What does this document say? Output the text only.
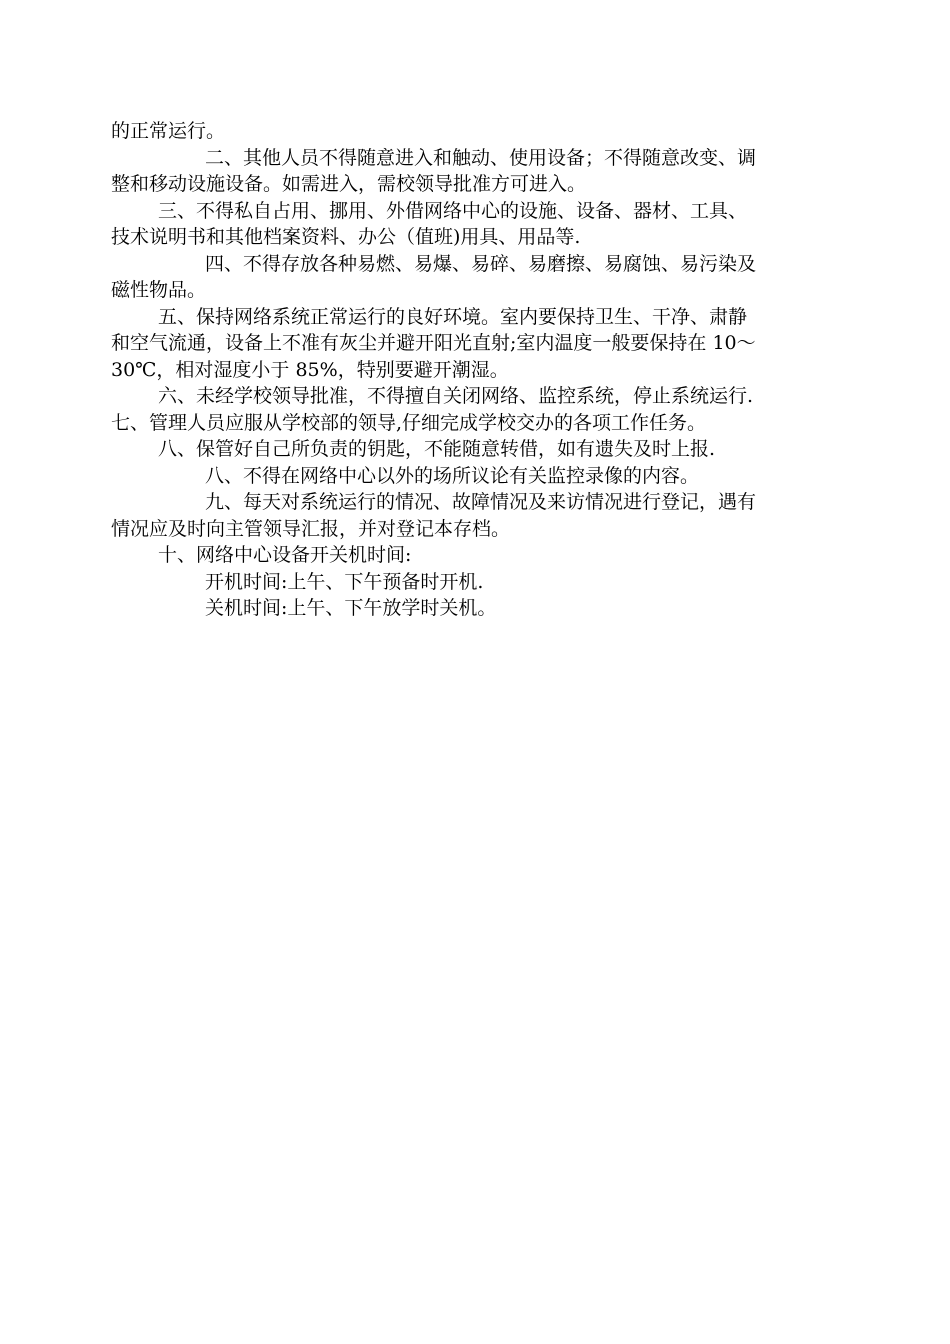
的正常运行。
二、其他人员不得随意进入和触动、使用设备；不得随意改变、调
整和移动设施设备。如需进入，需校领导批准方可进入。
三、不得私自占用、挪用、外借网络中心的设施、设备、器材、工具、
技术说明书和其他档案资料、办公（值班)用具、用品等.
四、不得存放各种易燃、易爆、易碎、易磨擦、易腐蚀、易污染及
磁性物品。
五、保持网络系统正常运行的良好环境。室内要保持卫生、干净、肃静
和空气流通，设备上不准有灰尘并避开阳光直射;室内温度一般要保持在 10～
30℃，相对湿度小于 85%，特别要避开潮湿。
六、未经学校领导批准，不得擅自关闭网络、监控系统，停止系统运行.
七、管理人员应服从学校部的领导,仔细完成学校交办的各项工作任务。
八、保管好自己所负责的钥匙，不能随意转借，如有遗失及时上报.
八、不得在网络中心以外的场所议论有关监控录像的内容。
九、每天对系统运行的情况、故障情况及来访情况进行登记，遇有
情况应及时向主管领导汇报，并对登记本存档。
十、网络中心设备开关机时间:
开机时间:上午、下午预备时开机.
关机时间:上午、下午放学时关机。
